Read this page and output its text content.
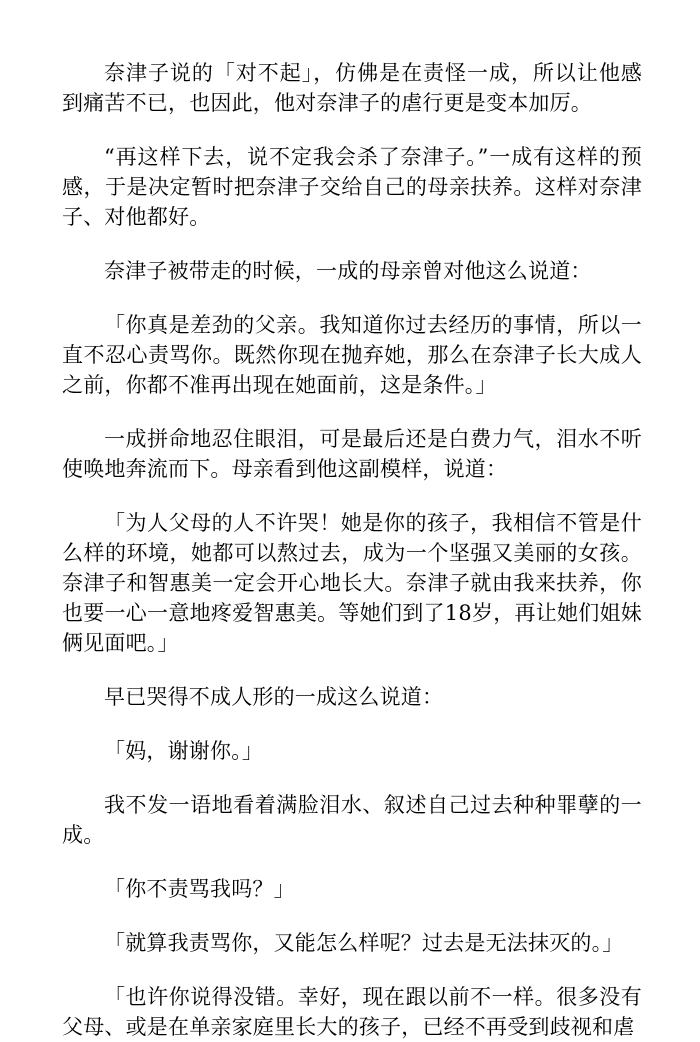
奈津子说的「对不起」，仿佛是在责怪一成，所以让他感到痛苦不已，也因此，他对奈津子的虐行更是变本加厉。

“再这样下去，说不定我会杀了奈津子。”一成有这样的预感，于是决定暂时把奈津子交给自己的母亲扶养。这样对奈津子、对他都好。

奈津子被带走的时候，一成的母亲曾对他这么说道：

「你真是差劲的父亲。我知道你过去经历的事情，所以一直不忍心责骂你。既然你现在抛弃她，那么在奈津子长大成人之前，你都不准再出现在她面前，这是条件。」

一成拼命地忍住眼泪，可是最后还是白费力气，泪水不听使唤地奔流而下。母亲看到他这副模样，说道：

「为人父母的人不许哭！她是你的孩子，我相信不管是什么样的环境，她都可以熬过去，成为一个坚强又美丽的女孩。奈津子和智惠美一定会开心地长大。奈津子就由我来扶养，你也要一心一意地疼爱智惠美。等她们到了18岁，再让她们姐妹俩见面吧。」

早已哭得不成人形的一成这么说道：

「妈，谢谢你。」

我不发一语地看着满脸泪水、叙述自己过去种种罪孽的一成。

「你不责骂我吗？」

「就算我责骂你，又能怎么样呢？过去是无法抹灭的。」

「也许你说得没错。幸好，现在跟以前不一样。很多没有父母、或是在单亲家庭里长大的孩子，已经不再受到歧视和虐
